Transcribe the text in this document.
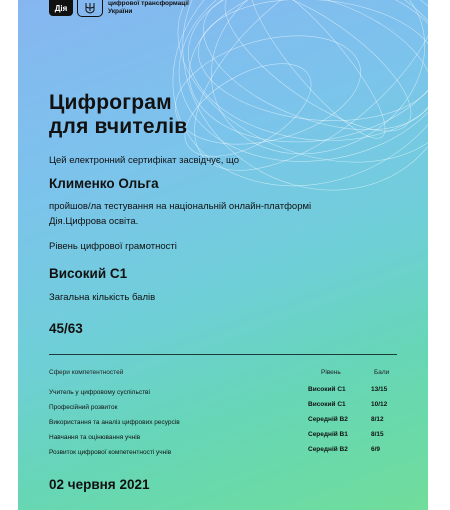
Дія	цифрової трансформації
України
Цифрограм
для вчителів
Цей електронний сертифікат засвідчує, що
Клименко Ольга
пройшов/ла тестування на національній онлайн-платформі
Дія.Цифрова освіта.
Рівень цифрової грамотності
Високий С1
Загальна кількість балів
45/63
Сфери компетентностей	Рівень	Бали
Учитель у цифровому суспільстві	Високий С1	13/15
Професійний розвиток	Високий С1	10/12
Використання та аналіз цифрових ресурсів	Середній В2	8/12
Навчання та оцінювання учнів	Середній В1	8/15
Розвиток цифрової компетентності учнів	Середній В2	6/9
02 червня 2021
